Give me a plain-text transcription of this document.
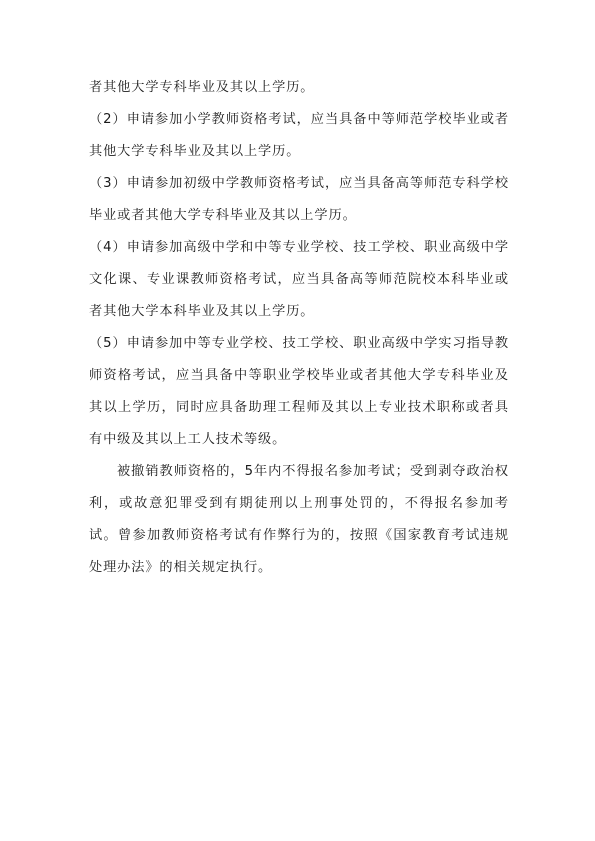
者其他大学专科毕业及其以上学历。

（2）申请参加小学教师资格考试，应当具备中等师范学校毕业或者其他大学专科毕业及其以上学历。

（3）申请参加初级中学教师资格考试，应当具备高等师范专科学校毕业或者其他大学专科毕业及其以上学历。

（4）申请参加高级中学和中等专业学校、技工学校、职业高级中学文化课、专业课教师资格考试，应当具备高等师范院校本科毕业或者其他大学本科毕业及其以上学历。

（5）申请参加中等专业学校、技工学校、职业高级中学实习指导教师资格考试，应当具备中等职业学校毕业或者其他大学专科毕业及其以上学历，同时应具备助理工程师及其以上专业技术职称或者具有中级及其以上工人技术等级。

被撤销教师资格的，5年内不得报名参加考试；受到剥夺政治权利，或故意犯罪受到有期徒刑以上刑事处罚的，不得报名参加考试。曾参加教师资格考试有作弊行为的，按照《国家教育考试违规处理办法》的相关规定执行。
